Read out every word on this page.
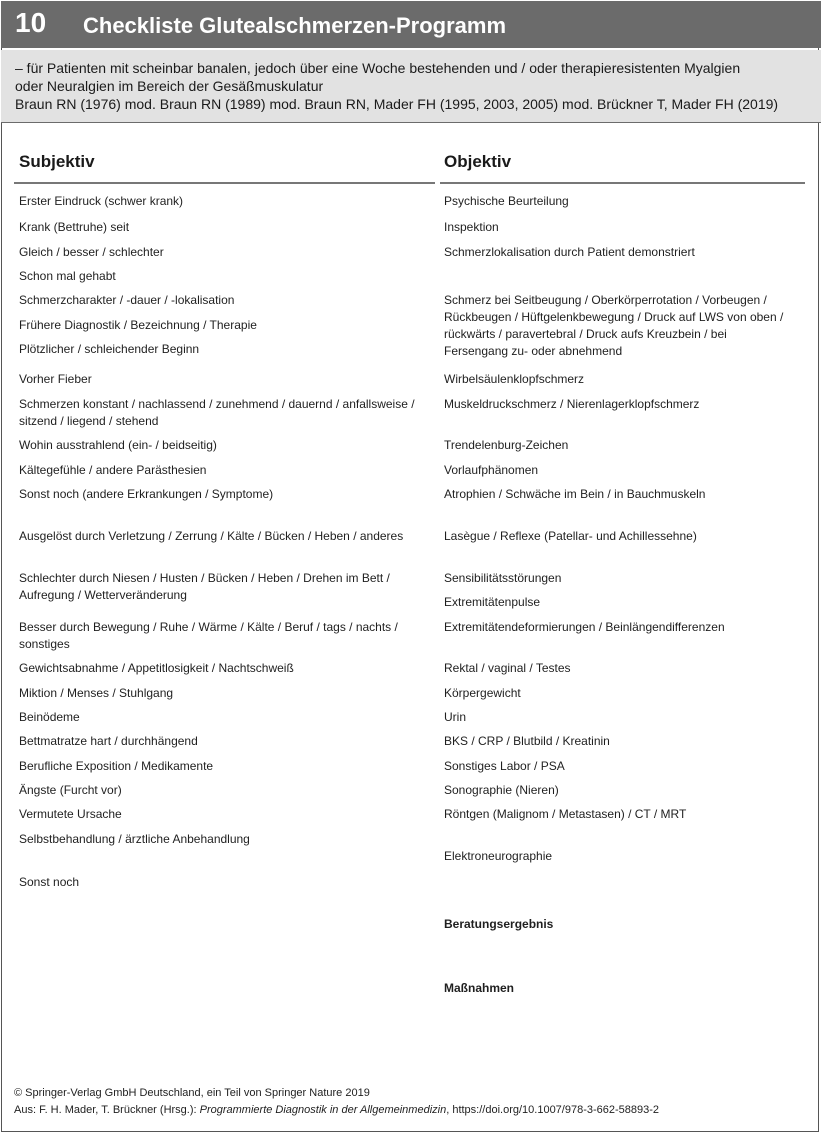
10 Checkliste Glutealschmerzen-Programm
– für Patienten mit scheinbar banalen, jedoch über eine Woche bestehenden und / oder therapieresistenten Myalgien
oder Neuralgien im Bereich der Gesäßmuskulatur
Braun RN (1976) mod. Braun RN (1989) mod. Braun RN, Mader FH (1995, 2003, 2005) mod. Brückner T, Mader FH (2019)
Subjektiv	Objektiv
Erster Eindruck (schwer krank)
Krank (Bettruhe) seit
Gleich / besser / schlechter
Schon mal gehabt
Schmerzcharakter / -dauer / -lokalisation
Frühere Diagnostik / Bezeichnung / Therapie
Plötzlicher / schleichender Beginn
Vorher Fieber
Schmerzen konstant / nachlassend / zunehmend / dauernd / anfallsweise / sitzend / liegend / stehend
Wohin ausstrahlend (ein- / beidseitig)
Kältegefühle / andere Parästhesien
Sonst noch (andere Erkrankungen / Symptome)
Ausgelöst durch Verletzung / Zerrung / Kälte / Bücken / Heben / anderes
Schlechter durch Niesen / Husten / Bücken / Heben / Drehen im Bett / Aufregung / Wetterveränderung
Besser durch Bewegung / Ruhe / Wärme / Kälte / Beruf / tags / nachts / sonstiges
Gewichtsabnahme / Appetitlosigkeit / Nachtschweiß
Miktion / Menses / Stuhlgang
Beinödeme
Bettmatratze hart / durchhängend
Berufliche Exposition / Medikamente
Ängste (Furcht vor)
Vermutete Ursache
Selbstbehandlung / ärztliche Anbehandlung
Sonst noch
Psychische Beurteilung
Inspektion
Schmerzlokalisation durch Patient demonstriert
Schmerz bei Seitbeugung / Oberkörperrotation / Vorbeugen / Rückbeugen / Hüftgelenkbewegung / Druck auf LWS von oben / rückwärts / paravertebral / Druck aufs Kreuzbein / bei Fersengang zu- oder abnehmend
Wirbelsäulenklopfschmerz
Muskeldruckschmerz / Nierenlagerklopfschmerz
Trendelenburg-Zeichen
Vorlaufphänomen
Atrophien / Schwäche im Bein / in Bauchmuskeln
Lasègue / Reflexe (Patellar- und Achillessehne)
Sensibilitätsstörungen
Extremitätenpulse
Extremitätendeformierungen / Beinlängendifferenzen
Rektal / vaginal / Testes
Körpergewicht
Urin
BKS / CRP / Blutbild / Kreatinin
Sonstiges Labor / PSA
Sonographie (Nieren)
Röntgen (Malignom / Metastasen) / CT / MRT
Elektroneurographie
Beratungsergebnis
Maßnahmen
© Springer-Verlag GmbH Deutschland, ein Teil von Springer Nature 2019
Aus: F. H. Mader, T. Brückner (Hrsg.): Programmierte Diagnostik in der Allgemeinmedizin, https://doi.org/10.1007/978-3-662-58893-2
